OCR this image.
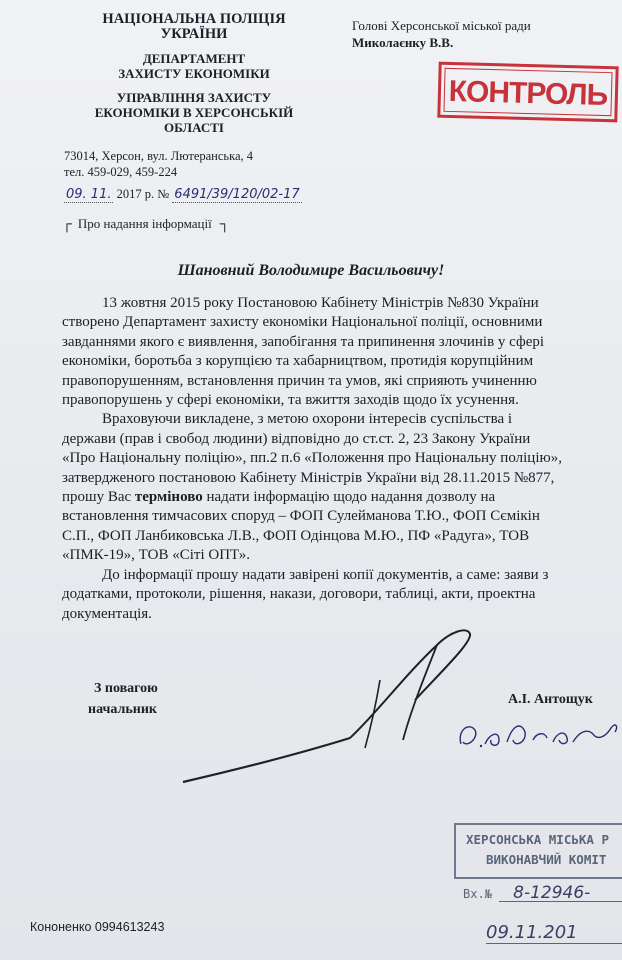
НАЦІОНАЛЬНА ПОЛІЦІЯ
УКРАЇНИ
ДЕПАРТАМЕНТ
ЗАХИСТУ ЕКОНОМІКИ
УПРАВЛІННЯ ЗАХИСТУ
ЕКОНОМІКИ В ХЕРСОНСЬКІЙ
ОБЛАСТІ
Голові Херсонської міської ради
Миколаєнку В.В.
КОНТРОЛЬ
73014, Херсон, вул. Лютеранська, 4
тел. 459-029, 459-224
09. 11. 2017 р. № 6491/39/120/02-17
┌ Про надання інформації ┐
Шановний Володимире Васильовичу!

13 жовтня 2015 року Постановою Кабінету Міністрів №830 України

створено Департамент захисту економіки Національної поліції, основними

завданнями якого є виявлення, запобігання та припинення злочинів у сфері

економіки, боротьба з корупцією та хабарництвом, протидія корупційним

правопорушенням, встановлення причин та умов, які сприяють учиненню

правопорушень у сфері економіки, та вжиття заходів щодо їх усунення.

Враховуючи викладене, з метою охорони інтересів суспільства і

держави (прав і свобод людини) відповідно до ст.ст. 2, 23 Закону України

«Про Національну поліцію», пп.2 п.6 «Положення про Національну поліцію»,

затвердженого постановою Кабінету Міністрів України від 28.11.2015 №877,

прошу Вас терміново надати інформацію щодо надання дозволу на

встановлення тимчасових споруд – ФОП Сулейманова Т.Ю., ФОП Сємікін

С.П., ФОП Ланбиковська Л.В., ФОП Одінцова М.Ю., ПФ «Радуга», ТОВ

«ПМК-19», ТОВ «Сіті ОПТ».

До інформації прошу надати завірені копії документів, а саме: заяви з

додатками, протоколи, рішення, накази, договори, таблиці, акти, проектна

документація.

З повагою
начальник
А.І. Антощук
ХЕРСОНСЬКА МІСЬКА Р
ВИКОНАВЧИЙ КОМІТ
Вх.№ 8-12946-
09.11.201
Кононенко 0994613243
